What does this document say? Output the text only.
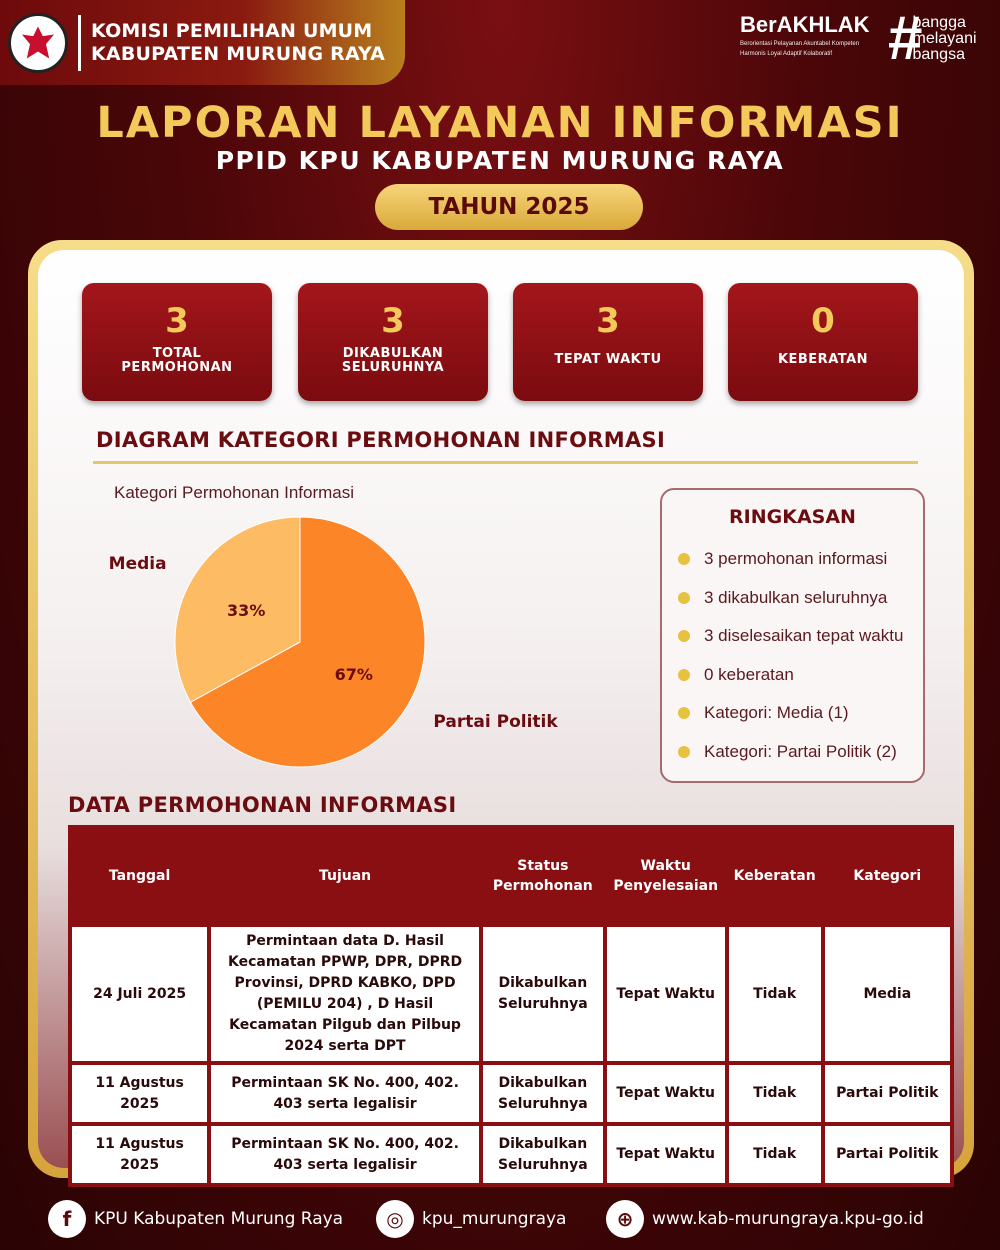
KOMISI PEMILIHAN UMUM
KABUPATEN MURUNG RAYA
BerAKHLAK
Berorientasi Pelayanan Akuntabel Kompeten
Harmonis Loyal Adaptif Kolaboratif #
bangga
melayani
bangsa
LAPORAN LAYANAN INFORMASI
PPID KPU KABUPATEN MURUNG RAYA
TAHUN 2025
3
TOTAL
PERMOHONAN
3
DIKABULKAN
SELURUHNYA
3
TEPAT WAKTU
0
KEBERATAN
DIAGRAM KATEGORI PERMOHONAN INFORMASI
Kategori Permohonan Informasi
67%
33%
Partai Politik
Media
RINGKASAN
3 permohonan informasi
3 dikabulkan seluruhnya
3 diselesaikan tepat waktu
0 keberatan
Kategori: Media (1)
Kategori: Partai Politik (2)
DATA PERMOHONAN INFORMASI
Tanggal	Tujuan	Status Permohonan	Waktu Penyelesaian	Keberatan	Kategori
24 Juli 2025	Permintaan data D. Hasil Kecamatan PPWP, DPR, DPRD Provinsi, DPRD KABKO, DPD (PEMILU 204) , D Hasil Kecamatan Pilgub dan Pilbup 2024 serta DPT	Dikabulkan Seluruhnya	Tepat Waktu	Tidak	Media
11 Agustus 2025	Permintaan SK No. 400, 402. 403 serta legalisir	Dikabulkan Seluruhnya	Tepat Waktu	Tidak	Partai Politik
11 Agustus 2025	Permintaan SK No. 400, 402. 403 serta legalisir	Dikabulkan Seluruhnya	Tepat Waktu	Tidak	Partai Politik
f	KPU Kabupaten Murung Raya	◎	kpu_murungraya	⊕	www.kab-murungraya.kpu-go.id
